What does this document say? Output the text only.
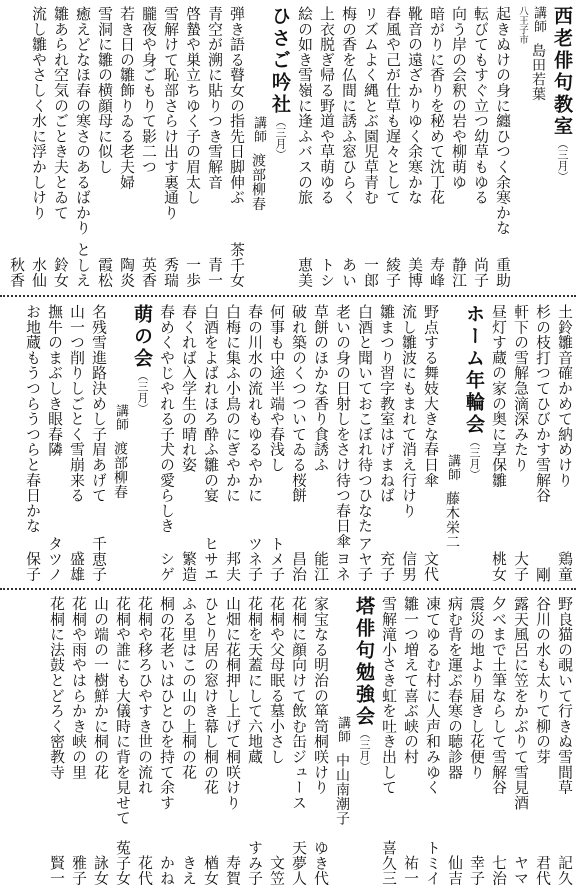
西老俳句教室（三月）
講師島田若葉
八王子市
起きぬけの身に纏ひつく余寒かな
重助
転びてもすぐ立つ幼草もゆる
尚子
向う岸の会釈の岩や柳萌ゆ
静江
暗がりに香りを秘めて沈丁花
寿峰
靴音の遠ざかりゆく余寒かな
美博
春風や己が仕草も遅々として
綾子
リズムよく縄とぶ園児草青む
一郎
梅の香を仏間に誘ふ窓ひらく
あい
上衣脱ぎ帰る野道や草萌ゆる
トシ
絵の如き雪嶺に逢ふバスの旅
恵美
ひさご吟社（三月）
講師渡部柳春
弾き語る瞽女の指先日脚伸ぶ
茶千女
青空が溯に貼りつき雪解音
青一
啓蟄や巣立ちゆく子の眉太し
一歩
雪解けて恥部さらけ出す裏通り
秀瑞
朧夜や身ごもりて影二つ
英香
若き日の雛飾りゐる老夫婦
陶炎
雪洞に雛の横顔母に似し
霞松
癒えどなほ春の寒さのあるばかり
としえ
雛あられ空気のごとき夫とゐて
鈴女
流し雛やさしく水に浮かしけり
水仙
秋香
土鈴雛音確かめて納めけり
鶏童
杉の枝打つてひびかす雪解谷
剛
軒下の雪解急滴深みたり
大子
昼灯す蔵の家の奥に享保雛
桃女
ホーム年輪会（三月）
講師藤木栄二
野点する舞妓大きな春日傘
文代
流し雛波にもまれて消え行けり
信男
雛まつり習字教室はげまねば
充子
白酒と聞いておこぼれ待つひなた
アヤ子
老いの身の日射しをさけ待つ春日傘
ヨネ
草餅のほかな香り食誘ふ
能江
破れ築のくつついてゐる桜餅
昌治
何事も中途半端や春浅し
トメ子
春の川水の流れもゆるやかに
ツネ子
白梅に集ふ小鳥のにぎやかに
邦夫
白酒をよばれほろ酔ふ雛の宴
ヒサエ
春くれば入学生の晴れ姿
繁造
春めくやじやれる子犬の愛らしき
シゲ
萌の会（三月）
講師渡部柳春
名残雪進路決めし子眉あげて
千恵子
山一つ削りしごとく雪崩来る
盛雄
撫牛のまぶしき眼春隣
タツノ
お地蔵もうつらうつらと春日かな
保子
野良猫の覗いて行きぬ雪間草
記久
谷川の水も太りて柳の芽
君代
露天風呂に笠をかぶりて雪見酒
ヤマ
夕べまで土筆ならして雪解谷
七治
震災の地より届きし花便り
幸子
病む背を運ぶ春寒の聴診器
仙吉
凍てゆるむ村に人声和みゆく
トミイ
雛一つ増えて喜ぶ峡の村
祐一
雪解滝小さき虹を吐き出して
喜久三
塔俳句勉強会（三月）
講師中山南潮子
家宝なる明治の箪笥桐咲けり
ゆき代
花桐に顔向けて飲む缶ジュース
天夢人
花桐や父母眠る墓小さし
文笠
花桐を天蓋にして六地蔵
すみ子
山畑に花桐押し上げて桐咲けり
寿賀
ひとり居の窓けき幕し桐の花
楢女
ふる里はこの山の上桐の花
きえ
桐の花老いはひとひを持て余す
かね
花桐や移ろひやすき世の流れ
花代
花桐や誰にも大儀時に背を見せて
菟子女
山の端の一樹鮮かに桐の花
詠女
花桐や雨やはらかき峡の里
雅子
花桐に法鼓とどろく密教寺
賢一
